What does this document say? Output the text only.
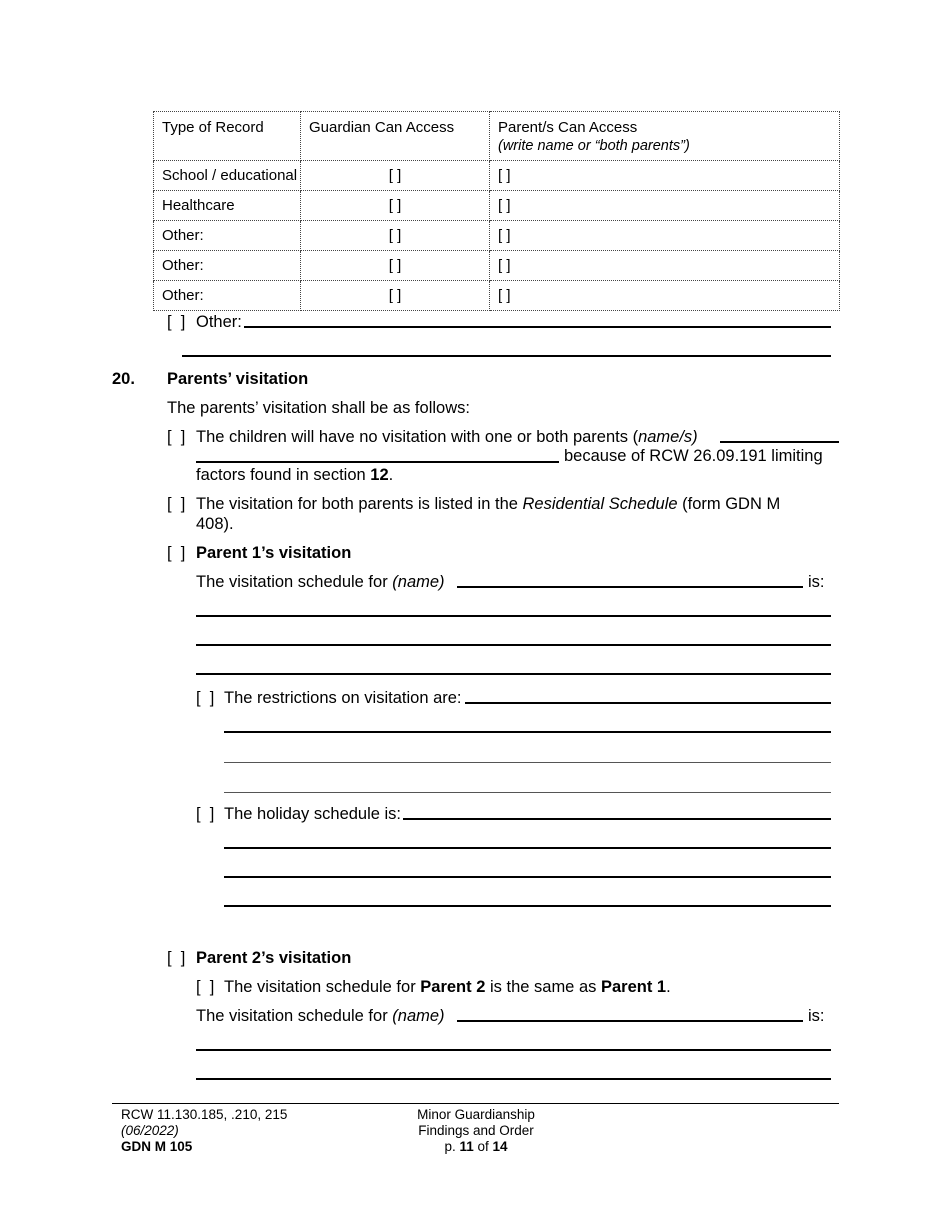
Type of Record	Guardian Can Access	Parent/s Can Access
(write name or “both parents”)

School / educational	[ ]	[ ]
Healthcare	[ ]	[ ]
Other:	[ ]	[ ]
Other:	[ ]	[ ]
Other:	[ ]	[ ]
[  ] Other:
20. Parents’ visitation
The parents’ visitation shall be as follows:
[  ] The children will have no visitation with one or both parents (name/s)
because of RCW 26.09.191 limiting
factors found in section 12.
[  ] The visitation for both parents is listed in the Residential Schedule (form GDN M
408).
[  ] Parent 1’s visitation
The visitation schedule for (name)	is:
[  ] The restrictions on visitation are:
[  ] The holiday schedule is:
[  ] Parent 2’s visitation
[  ] The visitation schedule for Parent 2 is the same as Parent 1.
The visitation schedule for (name)	is:
RCW 11.130.185, .210, 215
(06/2022)
GDN M 105
Minor Guardianship
Findings and Order
p. 11 of 14
